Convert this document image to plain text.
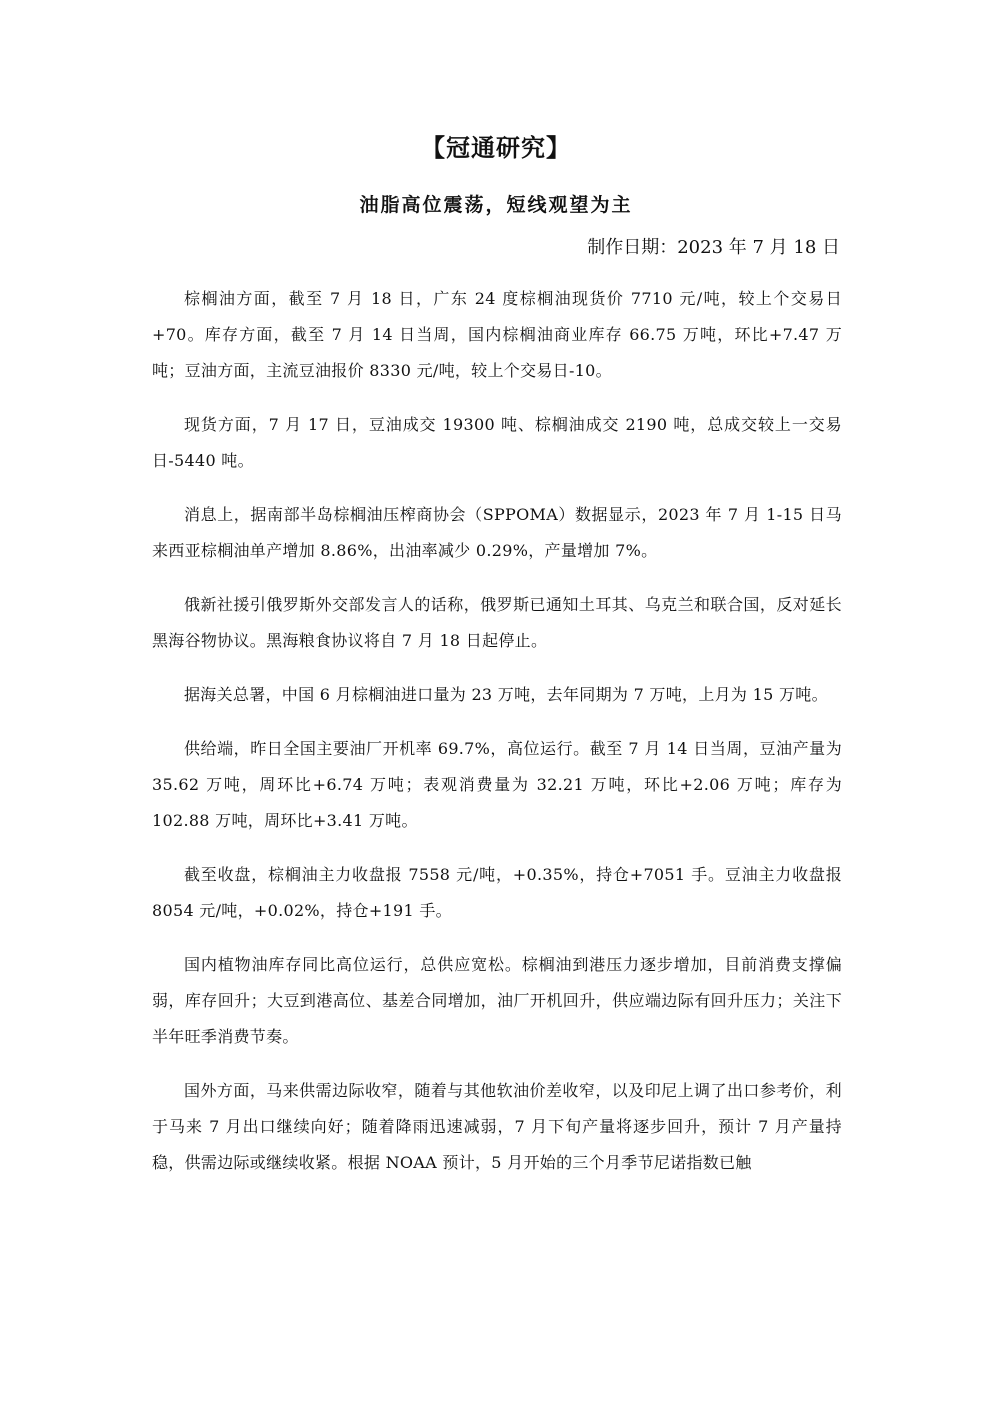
【冠通研究】
油脂高位震荡，短线观望为主
制作日期：2023 年 7 月 18 日

棕榈油方面，截至 7 月 18 日，广东 24 度棕榈油现货价 7710 元/吨，较上个交易日+70。库存方面，截至 7 月 14 日当周，国内棕榈油商业库存 66.75 万吨，环比+7.47 万吨；豆油方面，主流豆油报价 8330 元/吨，较上个交易日-10。

现货方面，7 月 17 日，豆油成交 19300 吨、棕榈油成交 2190 吨，总成交较上一交易日-5440 吨。

消息上，据南部半岛棕榈油压榨商协会（SPPOMA）数据显示，2023 年 7 月 1-15 日马来西亚棕榈油单产增加 8.86%，出油率减少 0.29%，产量增加 7%。

俄新社援引俄罗斯外交部发言人的话称，俄罗斯已通知土耳其、乌克兰和联合国，反对延长黑海谷物协议。黑海粮食协议将自 7 月 18 日起停止。

据海关总署，中国 6 月棕榈油进口量为 23 万吨，去年同期为 7 万吨，上月为 15 万吨。

供给端，昨日全国主要油厂开机率 69.7%，高位运行。截至 7 月 14 日当周，豆油产量为 35.62 万吨，周环比+6.74 万吨；表观消费量为 32.21 万吨，环比+2.06 万吨；库存为 102.88 万吨，周环比+3.41 万吨。

截至收盘，棕榈油主力收盘报 7558 元/吨，+0.35%，持仓+7051 手。豆油主力收盘报 8054 元/吨，+0.02%，持仓+191 手。

国内植物油库存同比高位运行，总供应宽松。棕榈油到港压力逐步增加，目前消费支撑偏弱，库存回升；大豆到港高位、基差合同增加，油厂开机回升，供应端边际有回升压力；关注下半年旺季消费节奏。

国外方面，马来供需边际收窄，随着与其他软油价差收窄，以及印尼上调了出口参考价，利于马来 7 月出口继续向好；随着降雨迅速减弱，7 月下旬产量将逐步回升，预计 7 月产量持稳，供需边际或继续收紧。根据 NOAA 预计，5 月开始的三个月季节尼诺指数已触
